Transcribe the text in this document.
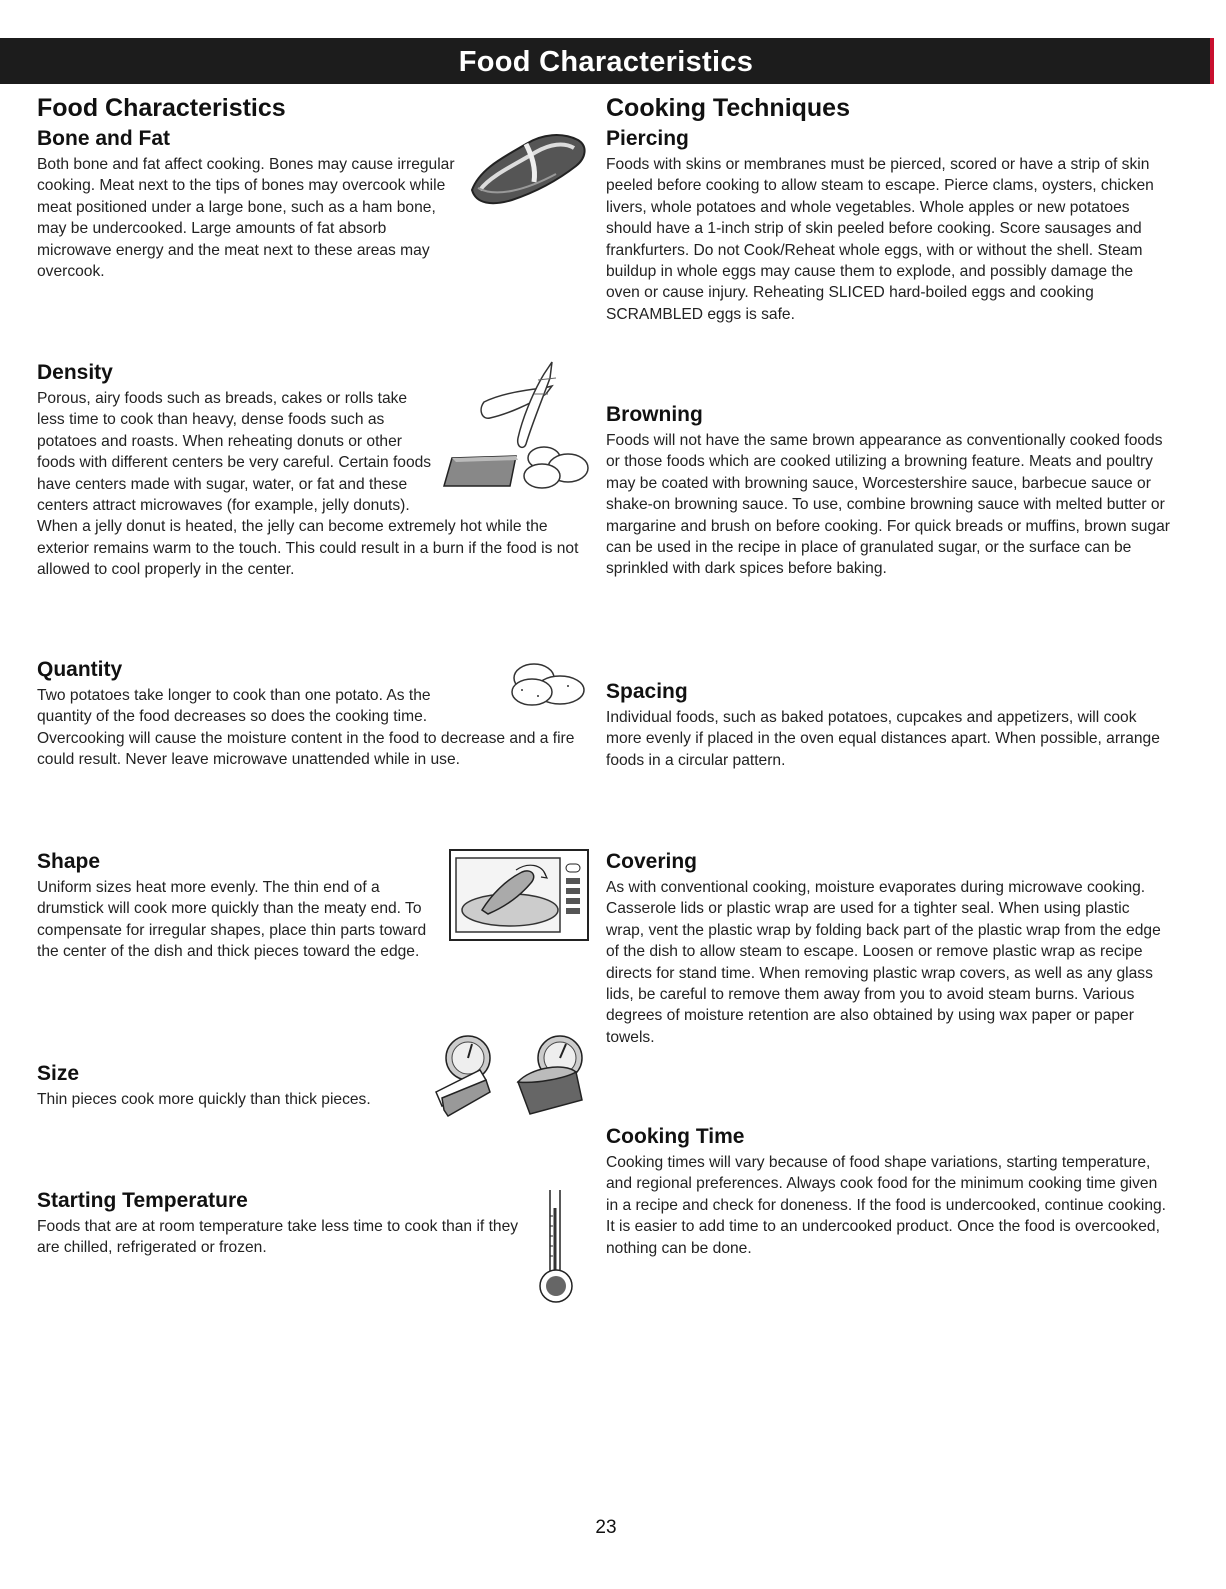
Food Characteristics
Food Characteristics
Bone and Fat

Both bone and fat affect cooking. Bones may cause irregular cooking. Meat next to the tips of bones may overcook while meat positioned under a large bone, such as a ham bone, may be undercooked. Large amounts of fat absorb microwave energy and the meat next to these areas may overcook.

Density

Porous, airy foods such as breads, cakes or rolls take less time to cook than heavy, dense foods such as potatoes and roasts. When reheating donuts or other foods with different centers be very careful. Certain foods have centers made with sugar, water, or fat and these centers attract microwaves (for example, jelly donuts). When a jelly donut is heated, the jelly can become extremely hot while the exterior remains warm to the touch. This could result in a burn if the food is not allowed to cool properly in the center.

Quantity

Two potatoes take longer to cook than one potato. As the quantity of the food decreases so does the cooking time. Overcooking will cause the moisture content in the food to decrease and a fire could result. Never leave microwave unattended while in use.

Shape

Uniform sizes heat more evenly. The thin end of a drumstick will cook more quickly than the meaty end. To compensate for irregular shapes, place thin parts toward the center of the dish and thick pieces toward the edge.

Size

Thin pieces cook more quickly than thick pieces.

Starting Temperature

Foods that are at room temperature take less time to cook than if they are chilled, refrigerated or frozen.

Cooking Techniques
Piercing

Foods with skins or membranes must be pierced, scored or have a strip of skin peeled before cooking to allow steam to escape. Pierce clams, oysters, chicken livers, whole potatoes and whole vegetables. Whole apples or new potatoes should have a 1-inch strip of skin peeled before cooking. Score sausages and frankfurters. Do not Cook/Reheat whole eggs, with or without the shell. Steam buildup in whole eggs may cause them to explode, and possibly damage the oven or cause injury. Reheating SLICED hard-boiled eggs and cooking SCRAMBLED eggs is safe.

Browning

Foods will not have the same brown appearance as conventionally cooked foods or those foods which are cooked utilizing a browning feature. Meats and poultry may be coated with browning sauce, Worcestershire sauce, barbecue sauce or shake-on browning sauce. To use, combine browning sauce with melted butter or margarine and brush on before cooking. For quick breads or muffins, brown sugar can be used in the recipe in place of granulated sugar, or the surface can be sprinkled with dark spices before baking.

Spacing

Individual foods, such as baked potatoes, cupcakes and appetizers, will cook more evenly if placed in the oven equal distances apart. When possible, arrange foods in a circular pattern.

Covering

As with conventional cooking, moisture evaporates during microwave cooking. Casserole lids or plastic wrap are used for a tighter seal. When using plastic wrap, vent the plastic wrap by folding back part of the plastic wrap from the edge of the dish to allow steam to escape. Loosen or remove plastic wrap as recipe directs for stand time. When removing plastic wrap covers, as well as any glass lids, be careful to remove them away from you to avoid steam burns. Various degrees of moisture retention are also obtained by using wax paper or paper towels.

Cooking Time

Cooking times will vary because of food shape variations, starting temperature, and regional preferences. Always cook food for the minimum cooking time given in a recipe and check for doneness. If the food is undercooked, continue cooking. It is easier to add time to an undercooked product. Once the food is overcooked, nothing can be done.

23
